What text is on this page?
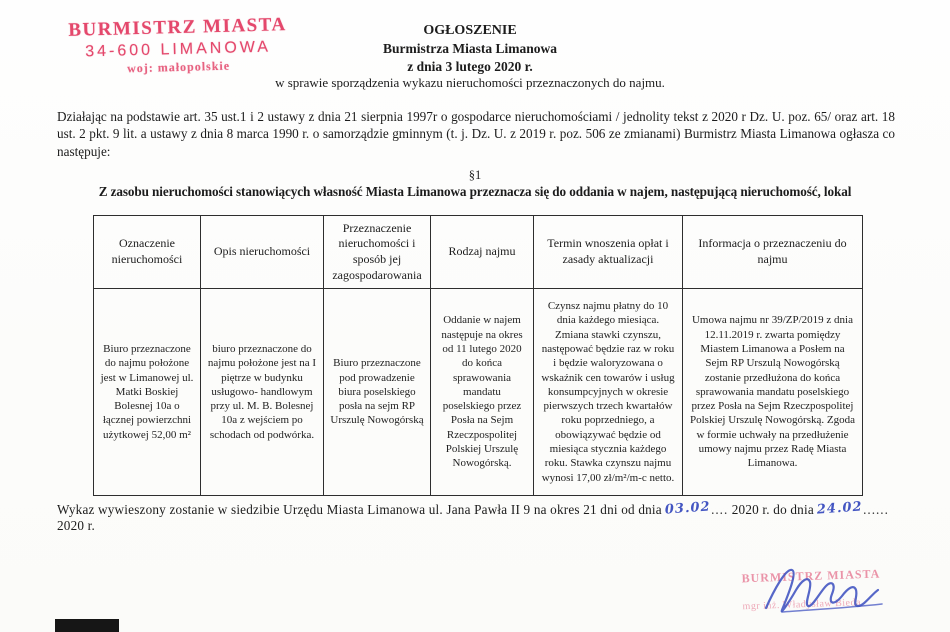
BURMISTRZ MIASTA
34-600 LIMANOWA
woj: małopolskie
OGŁOSZENIE
Burmistrza Miasta Limanowa
z dnia 3 lutego 2020 r.
w sprawie sporządzenia wykazu nieruchomości przeznaczonych do najmu.
Działając na podstawie art. 35 ust.1 i 2 ustawy z dnia 21 sierpnia 1997r o gospodarce nieruchomościami / jednolity tekst z 2020 r Dz. U. poz. 65/ oraz art. 18 ust. 2 pkt. 9 lit. a ustawy z dnia 8 marca 1990 r. o samorządzie gminnym (t. j. Dz. U. z 2019 r. poz. 506 ze zmianami) Burmistrz Miasta Limanowa ogłasza co następuje:
§1
Z zasobu nieruchomości stanowiących własność Miasta Limanowa przeznacza się do oddania w najem, następującą nieruchomość, lokal
Oznaczenie nieruchomości	Opis nieruchomości	Przeznaczenie nieruchomości i sposób jej zagospodarowania	Rodzaj najmu	Termin wnoszenia opłat i zasady aktualizacji	Informacja o przeznaczeniu do najmu
Biuro przeznaczone do najmu położone jest w Limanowej ul. Matki Boskiej Bolesnej 10a o łącznej powierzchni użytkowej 52,00 m²	biuro przeznaczone do najmu położone jest na I piętrze w budynku usługowo- handlowym przy ul. M. B. Bolesnej 10a z wejściem po schodach od podwórka.	Biuro przeznaczone pod prowadzenie biura poselskiego posła na sejm RP Urszulę Nowogórską	Oddanie w najem następuje na okres od 11 lutego 2020 do końca sprawowania mandatu poselskiego przez Posła na Sejm Rzeczpospolitej Polskiej Urszulę Nowogórską.	Czynsz najmu płatny do 10 dnia każdego miesiąca. Zmiana stawki czynszu, następować będzie raz w roku i będzie waloryzowana o wskaźnik cen towarów i usług konsumpcyjnych w okresie pierwszych trzech kwartałów roku poprzedniego, a obowiązywać będzie od miesiąca stycznia każdego roku. Stawka czynszu najmu wynosi 17,00 zł/m²/m-c netto.	Umowa najmu nr 39/ZP/2019 z dnia 12.11.2019 r. zwarta pomiędzy Miastem Limanowa a Posłem na Sejm RP Urszulą Nowogórską zostanie przedłużona do końca sprawowania mandatu poselskiego przez Posła na Sejm Rzeczpospolitej Polskiej Urszulę Nowogórską. Zgoda w formie uchwały na przedłużenie umowy najmu przez Radę Miasta Limanowa.
Wykaz wywieszony zostanie w siedzibie Urzędu Miasta Limanowa ul. Jana Pawła II 9 na okres 21 dni od dnia 03.02.... 2020 r. do dnia 24.02...... 2020 r.
BURMISTRZ MIASTA
mgr inż. Władysław Bieda
